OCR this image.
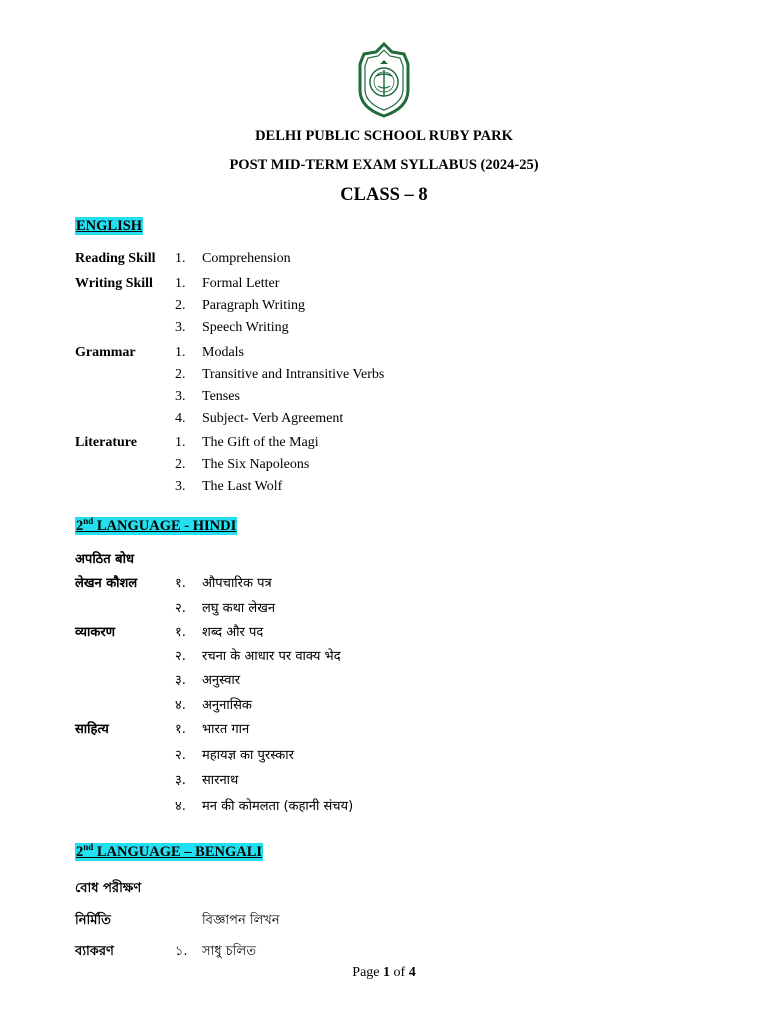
DELHI PUBLIC SCHOOL RUBY PARK
POST MID-TERM EXAM SYLLABUS (2024-25)
CLASS – 8
ENGLISH
Reading Skill 1. Comprehension
Writing Skill 1. Formal Letter
2. Paragraph Writing
3. Speech Writing
Grammar	1. Modals
2. Transitive and Intransitive Verbs
3. Tenses
4. Subject- Verb Agreement
Literature	1. The Gift of the Magi
2. The Six Napoleons
3. The Last Wolf
2nd LANGUAGE - HINDI
अपठित बोध
लेखन कौशल	१. औपचारिक पत्र
२. लघु कथा लेखन
व्याकरण	१. शब्द और पद
२. रचना के आधार पर वाक्य भेद
३. अनुस्वार
४. अनुनासिक
साहित्य	१. भारत गान
२. महायज्ञ का पुरस्कार
३. सारनाथ
४. मन की कोमलता (कहानी संचय)
2nd LANGUAGE – BENGALI
বোধ পরীক্ষণ
নির্মিতি	বিজ্ঞাপন লিখন
ব্যাকরণ	১. সাধু চলিত
Page 1 of 4
